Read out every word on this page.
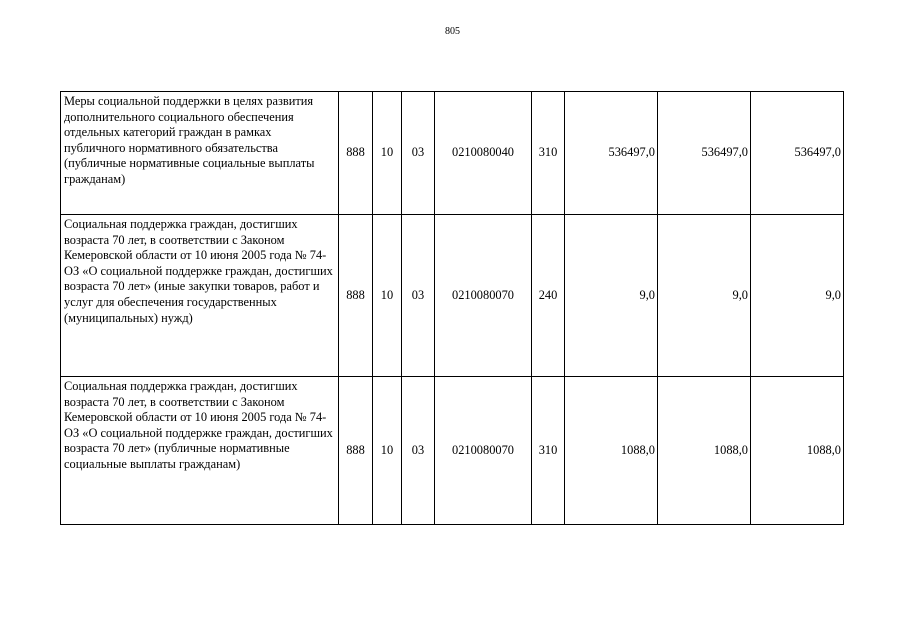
805
Меры социальной поддержки в целях развития дополнительного социального обеспечения отдельных категорий граждан в рамках публичного нормативного обязательства (публичные нормативные социальные выплаты гражданам)	888	10	03	0210080040	310	536497,0	536497,0	536497,0
Социальная поддержка граждан, достигших возраста 70 лет, в соответствии с Законом Кемеровской области от 10 июня 2005 года № 74-ОЗ «О социальной поддержке граждан, достигших возраста 70 лет» (иные закупки товаров, работ и услуг для обеспечения государственных (муниципальных) нужд)	888	10	03	0210080070	240	9,0	9,0	9,0
Социальная поддержка граждан, достигших возраста 70 лет, в соответствии с Законом Кемеровской области от 10 июня 2005 года № 74-ОЗ «О социальной поддержке граждан, достигших возраста 70 лет» (публичные нормативные социальные выплаты гражданам)	888	10	03	0210080070	310	1088,0	1088,0	1088,0
